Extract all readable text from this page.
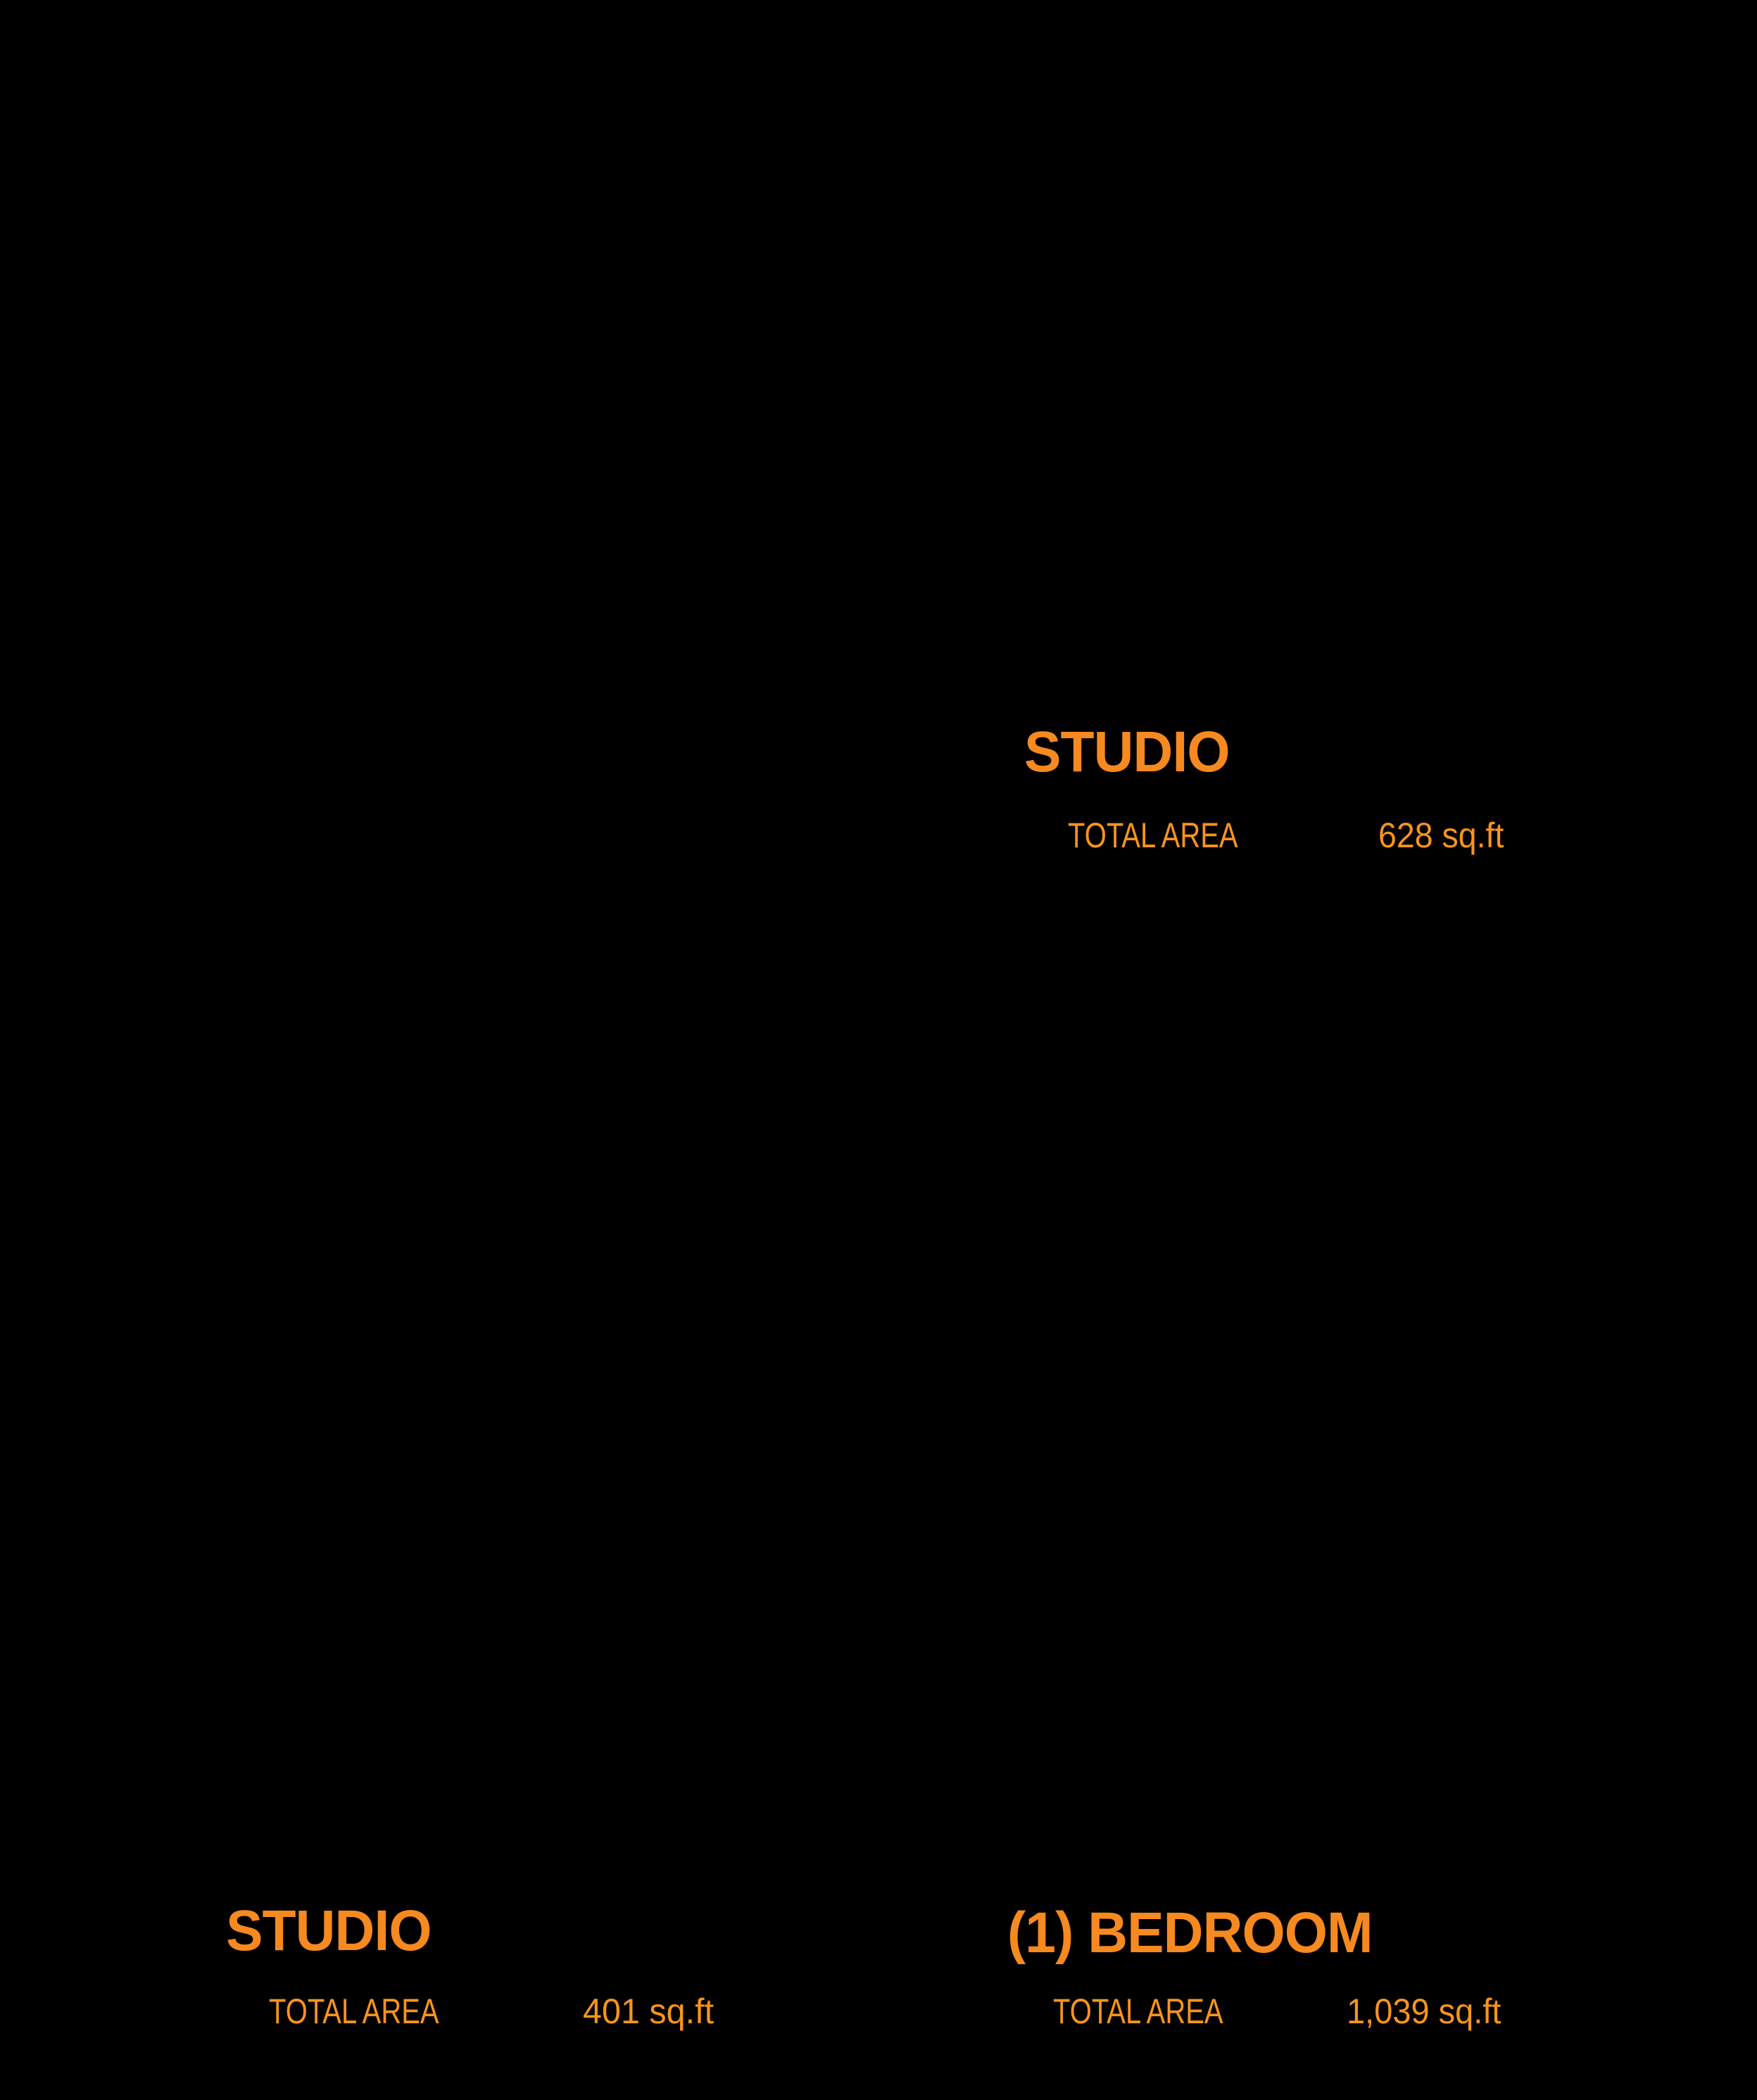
STUDIO
TOTAL AREA	628 sq.ft
STUDIO
TOTAL AREA	401 sq.ft
(1) BEDROOM
TOTAL AREA	1,039 sq.ft
